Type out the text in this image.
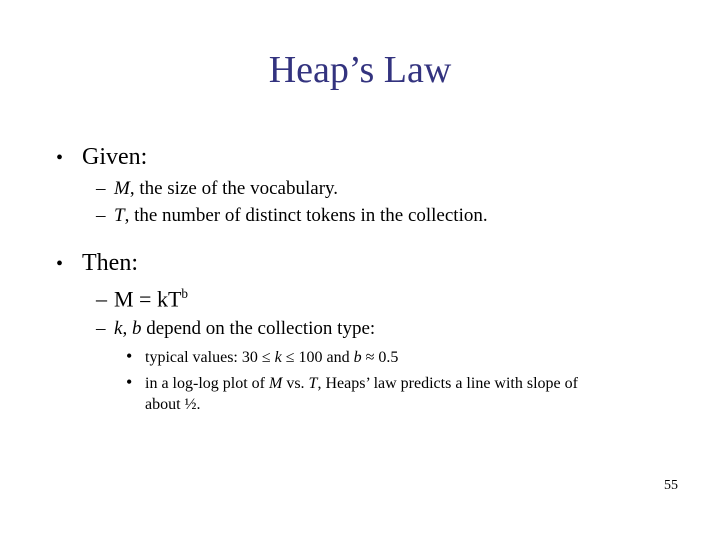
Heap’s Law
• Given:
– M, the size of the vocabulary.
– T, the number of distinct tokens in the collection.
• Then:
– $M = kT^b$
– k, b depend on the collection type:
• typical values: 30 ≤ k ≤ 100 and b ≈ 0.5
• in a log-log plot of M vs. T, Heaps’ law predicts a line with slope of
about ½.
55
